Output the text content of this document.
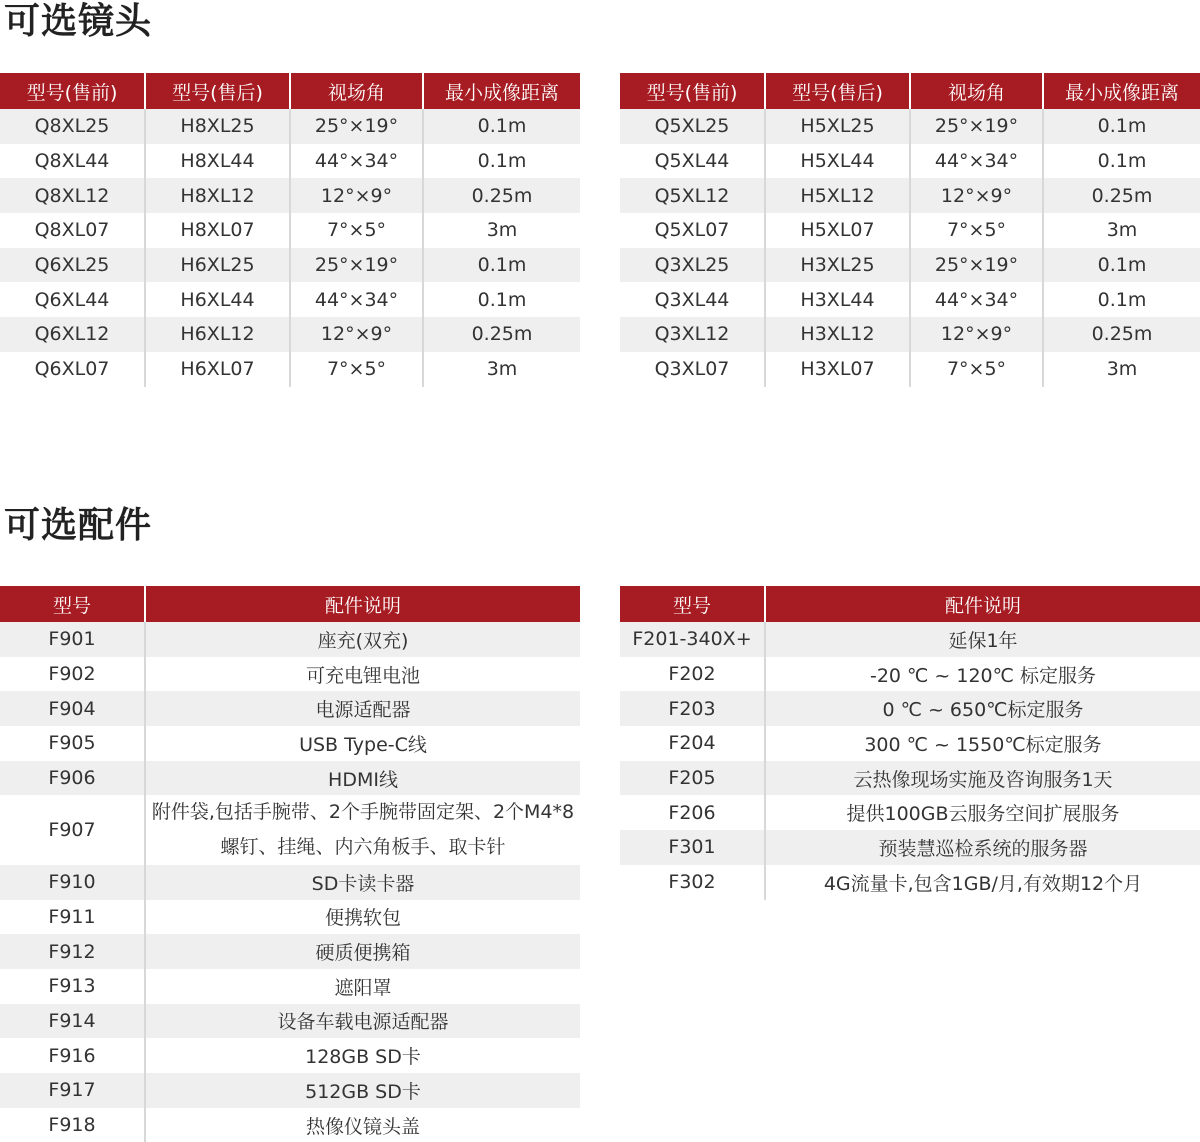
可选镜头
型号(售前)	型号(售后)	视场角	最小成像距离
Q8XL25	H8XL25	25°×19°	0.1m
Q8XL44	H8XL44	44°×34°	0.1m
Q8XL12	H8XL12	12°×9°	0.25m
Q8XL07	H8XL07	7°×5°	3m
Q6XL25	H6XL25	25°×19°	0.1m
Q6XL44	H6XL44	44°×34°	0.1m
Q6XL12	H6XL12	12°×9°	0.25m
Q6XL07	H6XL07	7°×5°	3m
型号(售前)	型号(售后)	视场角	最小成像距离
Q5XL25	H5XL25	25°×19°	0.1m
Q5XL44	H5XL44	44°×34°	0.1m
Q5XL12	H5XL12	12°×9°	0.25m
Q5XL07	H5XL07	7°×5°	3m
Q3XL25	H3XL25	25°×19°	0.1m
Q3XL44	H3XL44	44°×34°	0.1m
Q3XL12	H3XL12	12°×9°	0.25m
Q3XL07	H3XL07	7°×5°	3m
可选配件
型号	配件说明
F901	座充(双充)
F902	可充电锂电池
F904	电源适配器
F905	USB Type-C线
F906	HDMI线
F907	附件袋,包括手腕带、2个手腕带固定架、2个M4*8螺钉、挂绳、内六角板手、取卡针
F910	SD卡读卡器
F911	便携软包
F912	硬质便携箱
F913	遮阳罩
F914	设备车载电源适配器
F916	128GB SD卡
F917	512GB SD卡
F918	热像仪镜头盖
型号	配件说明
F201-340X+	延保1年
F202	-20 ℃ ~ 120℃ 标定服务
F203	0 ℃ ~ 650℃标定服务
F204	300 ℃ ~ 1550℃标定服务
F205	云热像现场实施及咨询服务1天
F206	提供100GB云服务空间扩展服务
F301	预装慧巡检系统的服务器
F302	4G流量卡,包含1GB/月,有效期12个月
